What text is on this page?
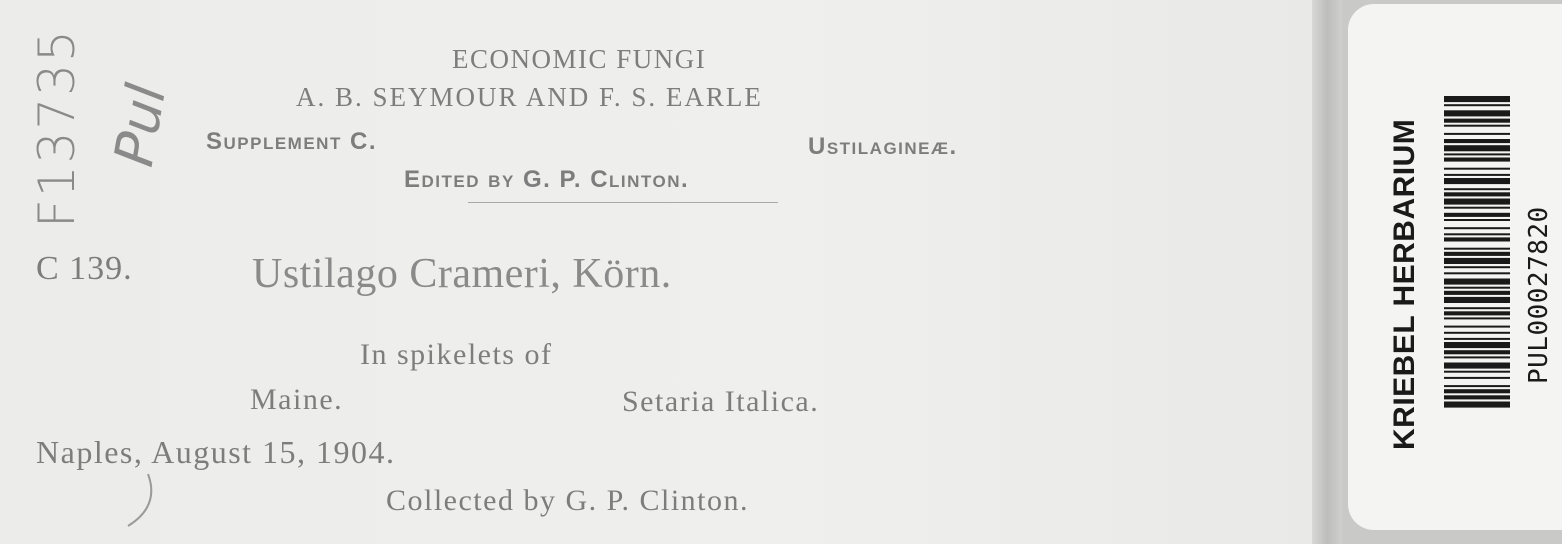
ECONOMIC FUNGI
A. B. SEYMOUR AND F. S. EARLE
Supplement C.	Ustilagineæ.
Edited by G. P. Clinton.
C 139.	Ustilago Crameri, Körn.
In spikelets of
Maine.	Setaria Italica.
Naples, August 15, 1904.
Collected by G. P. Clinton.
F13735 Pul	KRIEBEL HERBARIUM	PUL00027820
